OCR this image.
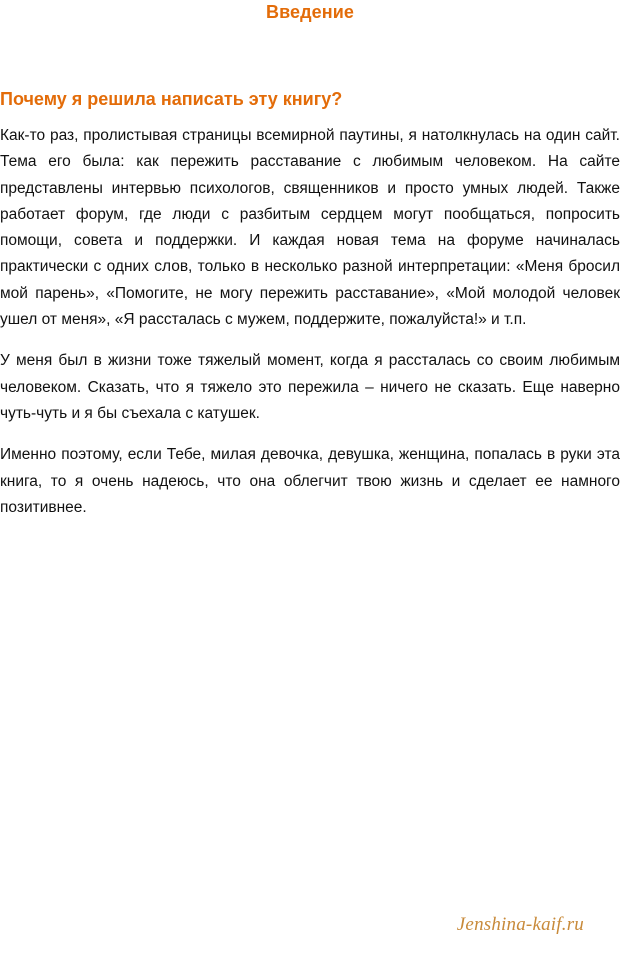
Введение
Почему я решила написать эту книгу?

Как-то раз, пролистывая страницы всемирной паутины, я натолкнулась на один сайт. Тема его была: как пережить расставание с любимым человеком. На сайте представлены интервью психологов, священников и просто умных людей. Также работает форум, где люди с разбитым сердцем могут пообщаться, попросить помощи, совета и поддержки. И каждая новая тема на форуме начиналась практически с одних слов, только в несколько разной интерпретации: «Меня бросил мой парень», «Помогите, не могу пережить расставание», «Мой молодой человек ушел от меня», «Я рассталась с мужем, поддержите, пожалуйста!» и т.п.

У меня был в жизни тоже тяжелый момент, когда я рассталась со своим любимым человеком. Сказать, что я тяжело это пережила – ничего не сказать. Еще наверно чуть-чуть и я бы съехала с катушек.

Именно поэтому, если Тебе, милая девочка, девушка, женщина, попалась в руки эта книга, то я очень надеюсь, что она облегчит твою жизнь и сделает ее намного позитивнее.

Jenshina-kaif.ru
